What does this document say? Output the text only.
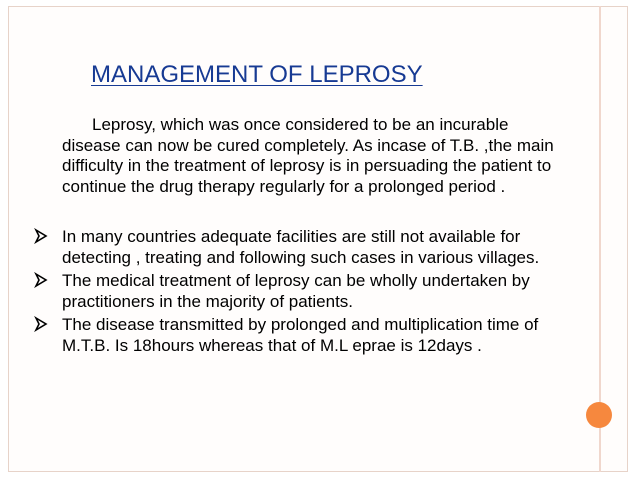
MANAGEMENT OF LEPROSY

Leprosy, which was once considered to be an incurable disease can now be cured completely. As incase of T.B. ,the main difficulty in the treatment of leprosy is in persuading the patient to continue the drug therapy regularly for a prolonged period .

In many countries adequate facilities are still not available for detecting , treating and following such cases in various villages.
The medical treatment of leprosy can be wholly undertaken by practitioners in the majority of patients.
The disease transmitted by prolonged and multiplication time of M.T.B. Is 18hours whereas that of M.L eprae is 12days .
